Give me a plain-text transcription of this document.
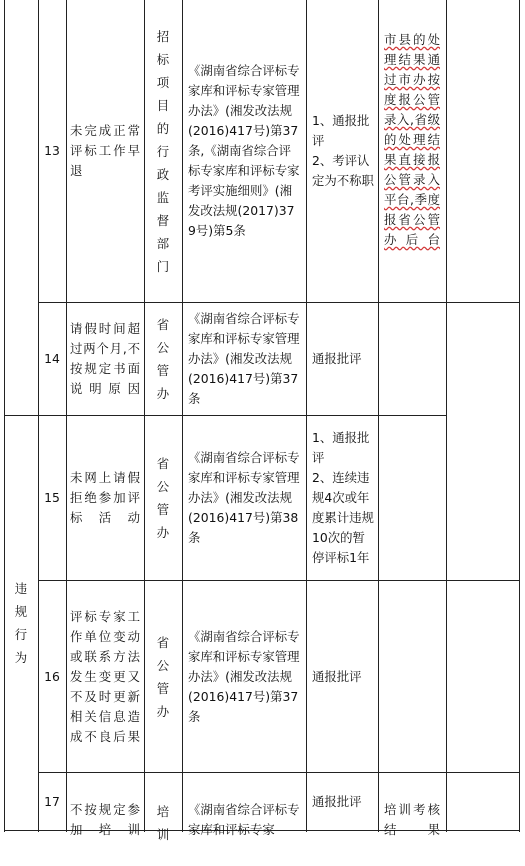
违规行为
13
未完成正常评标工作早退
招标项目的行政监督部门
《湖南省综合评标专家库和评标专家管理办法》(湘发改法规(2016)417号)第37条,《湖南省综合评标专家库和评标专家考评实施细则》(湘发改法规(2017)379号)第5条
1、通报批评
2、考评认定为不称职

市县的处理结果通过市办按度报公管录入,省级的处理结果直接报公管录入平台,季度报省公管办后台

14
请假时间超过两个月,不按规定书面说明原因
省公管办
《湖南省综合评标专家库和评标专家管理办法》(湘发改法规(2016)417号)第37条
通报批评
15
未网上请假拒绝参加评标活动
省公管办
《湖南省综合评标专家库和评标专家管理办法》(湘发改法规(2016)417号)第38条
1、通报批评
2、连续违规4次或年度累计违规10次的暂停评标1年
16
评标专家工作单位变动或联系方法发生变更又不及时更新相关信息造成不良后果
省公管办
《湖南省综合评标专家库和评标专家管理办法》(湘发改法规(2016)417号)第37条
通报批评
17

不按规定参加培训

培训

《湖南省综合评标专家库和评标专家

通报批评

培训考核结果
